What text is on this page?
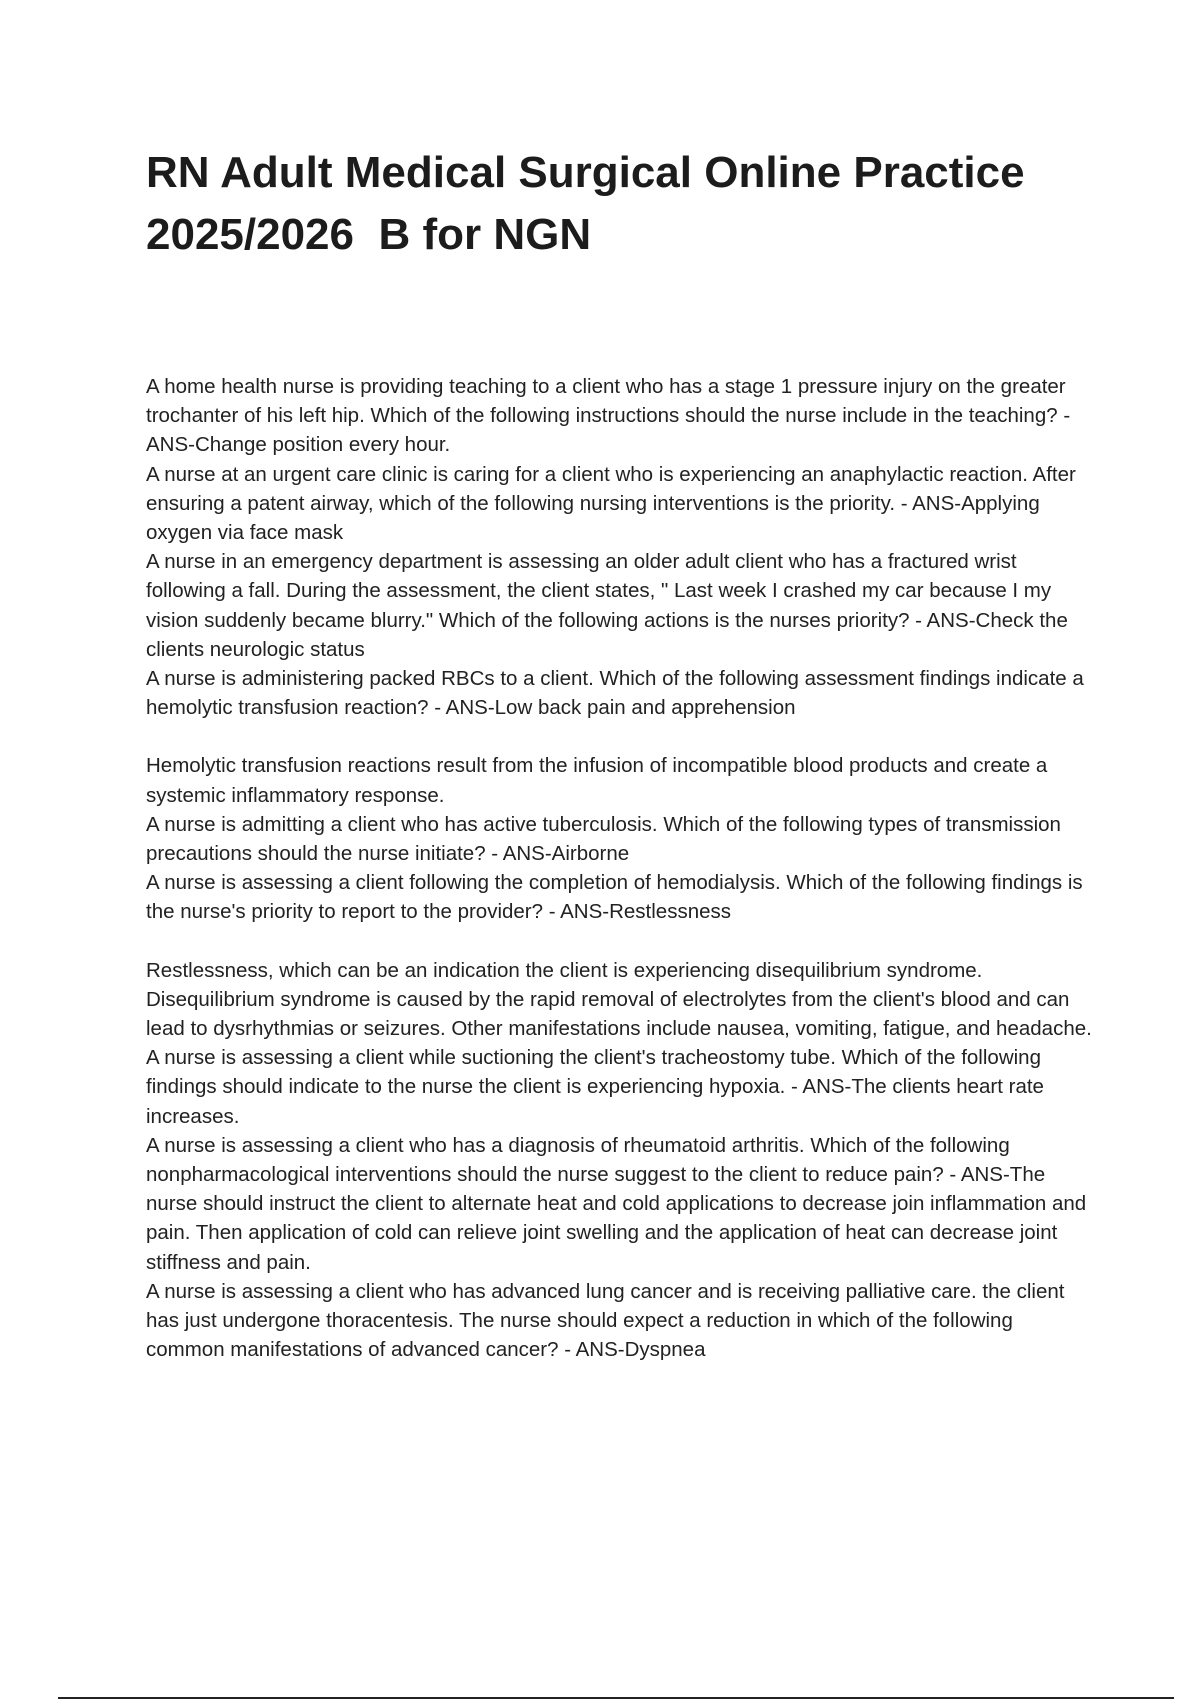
RN Adult Medical Surgical Online Practice
2025/2026  B for NGN

A home health nurse is providing teaching to a client who has a stage 1 pressure injury on the greater trochanter of his left hip. Which of the following instructions should the nurse include in the teaching? - ANS-Change position every hour.

A nurse at an urgent care clinic is caring for a client who is experiencing an anaphylactic reaction. After ensuring a patent airway, which of the following nursing interventions is the priority. - ANS-Applying oxygen via face mask

A nurse in an emergency department is assessing an older adult client who has a fractured wrist following a fall. During the assessment, the client states, " Last week I crashed my car because I my vision suddenly became blurry." Which of the following actions is the nurses priority? - ANS-Check the clients neurologic status

A nurse is administering packed RBCs to a client. Which of the following assessment findings indicate a hemolytic transfusion reaction? - ANS-Low back pain and apprehension

Hemolytic transfusion reactions result from the infusion of incompatible blood products and create a systemic inflammatory response.

A nurse is admitting a client who has active tuberculosis. Which of the following types of transmission precautions should the nurse initiate? - ANS-Airborne

A nurse is assessing a client following the completion of hemodialysis. Which of the following findings is the nurse's priority to report to the provider? - ANS-Restlessness

Restlessness, which can be an indication the client is experiencing disequilibrium syndrome. Disequilibrium syndrome is caused by the rapid removal of electrolytes from the client's blood and can lead to dysrhythmias or seizures. Other manifestations include nausea, vomiting, fatigue, and headache.

A nurse is assessing a client while suctioning the client's tracheostomy tube. Which of the following findings should indicate to the nurse the client is experiencing hypoxia. - ANS-The clients heart rate increases.

A nurse is assessing a client who has a diagnosis of rheumatoid arthritis. Which of the following nonpharmacological interventions should the nurse suggest to the client to reduce pain? - ANS-The nurse should instruct the client to alternate heat and cold applications to decrease join inflammation and pain. Then application of cold can relieve joint swelling and the application of heat can decrease joint stiffness and pain.

A nurse is assessing a client who has advanced lung cancer and is receiving palliative care. the client has just undergone thoracentesis. The nurse should expect a reduction in which of the following common manifestations of advanced cancer? - ANS-Dyspnea
